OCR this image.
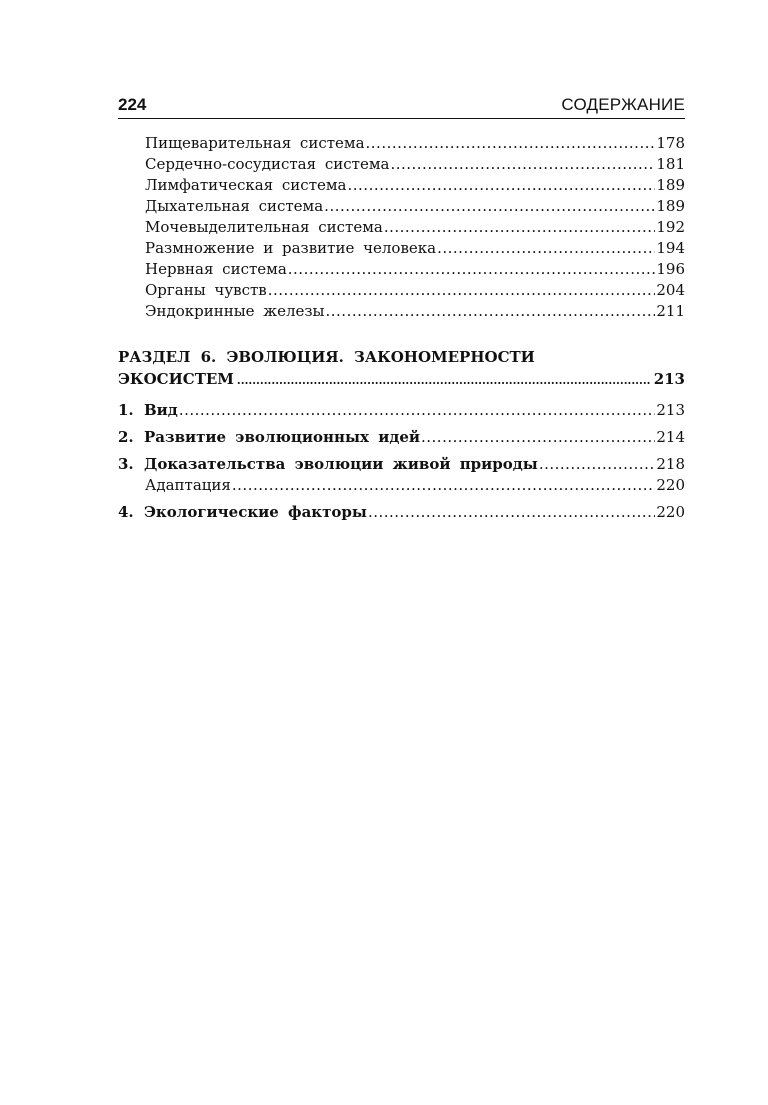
224	СОДЕРЖАНИЕ
Пищеварительная система .....	178
Сердечно-сосудистая система .....	181
Лимфатическая система .....	189
Дыхательная система .....	189
Мочевыделительная система .....	192
Размножение и развитие человека .....	194
Нервная система .....	196
Органы чувств .....	204
Эндокринные железы .....	211
РАЗДЕЛ 6. ЭВОЛЮЦИЯ. ЗАКОНОМЕРНОСТИ
ЭКОСИСТЕМ .....	213
1. Вид .....	213
2. Развитие эволюционных идей .....	214
3. Доказательства эволюции живой природы .....	218
Адаптация .....	220
4. Экологические факторы .....	220
